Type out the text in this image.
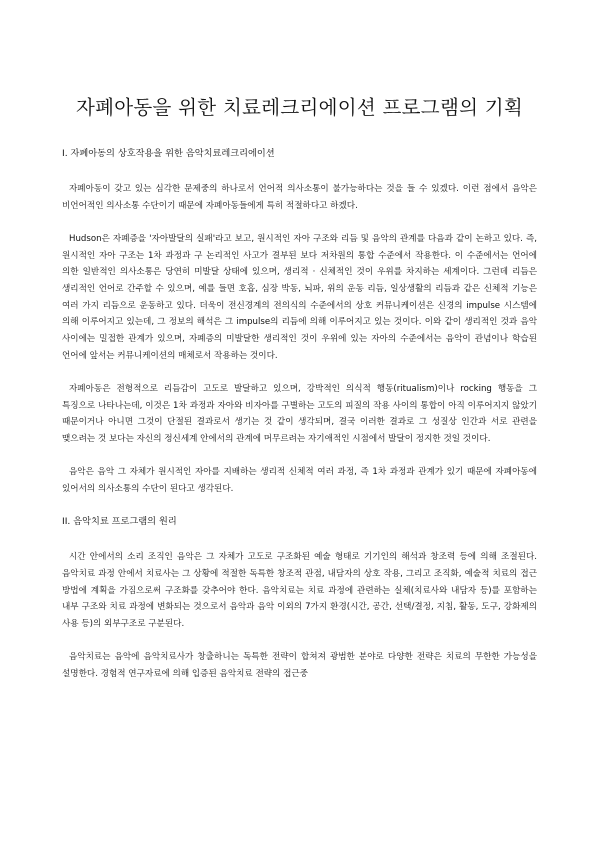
자폐아동을 위한 치료레크리에이션 프로그램의 기획
I. 자폐아동의 상호작용을 위한 음악치료레크리에이션

자폐아동이 갖고 있는 심각한 문제중의 하나로서 언어적 의사소통이 불가능하다는 것을 들 수 있겠다. 이런 점에서 음악은 비언어적인 의사소통 수단이기 때문에 자폐아동들에게 특히 적절하다고 하겠다.

Hudson은 자폐증을 '자아발달의 실패'라고 보고, 원시적인 자아 구조와 리듬 및 음악의 관계를 다음과 같이 논하고 있다. 즉, 원시적인 자아 구조는 1차 과정과 구 논리적인 사고가 결부된 보다 저차원의 통합 수준에서 작용한다. 이 수준에서는 언어에 의한 일반적인 의사소통은 당연히 미발달 상태에 있으며, 생리적 · 신체적인 것이 우위를 차지하는 세계이다. 그런데 리듬은 생리적인 언어로 간주할 수 있으며, 예를 들면 호흡, 심장 박동, 뇌파, 위의 운동 리듬, 일상생활의 리듬과 같은 신체적 기능은 여러 가지 리듬으로 운동하고 있다. 더욱이 전신경계의 전의식의 수준에서의 상호 커뮤니케이션은 신경의 impulse 시스템에 의해 이루어지고 있는데, 그 정보의 해석은 그 impulse의 리듬에 의해 이루어지고 있는 것이다. 이와 같이 생리적인 것과 음악 사이에는 밀접한 관계가 있으며, 자폐증의 미발달한 생리적인 것이 우위에 있는 자아의 수준에서는 음악이 관념이나 학습된 언어에 앞서는 커뮤니케이션의 매체로서 작용하는 것이다.

자폐아동은 전형적으로 리듬감이 고도로 발달하고 있으며, 강박적인 의식적 행동(ritualism)이나 rocking 행동을 그 특징으로 나타나는데, 이것은 1차 과정과 자아와 비자아를 구별하는 고도의 피질의 작용 사이의 통합이 아직 이루어지지 않았기 때문이거나 아니면 그것이 단절된 결과로서 생기는 것 같이 생각되며, 결국 이러한 결과로 그 성질상 인간과 서로 관련을 맺으려는 것 보다는 자신의 정신세계 안에서의 관계에 머무르려는 자기애적인 시점에서 발달이 정지한 것일 것이다.

음악은 음악 그 자체가 원시적인 자아를 지배하는 생리적 신체적 여러 과정, 즉 1차 과정과 관계가 있기 때문에 자폐아동에 있어서의 의사소통의 수단이 된다고 생각된다.

II. 음악치료 프로그램의 원리

시간 안에서의 소리 조직인 음악은 그 자체가 고도로 구조화된 예술 형태로 기기인의 해석과 창조력 등에 의해 조절된다. 음악치료 과정 안에서 치료사는 그 상황에 적절한 독특한 창조적 관점, 내담자의 상호 작용, 그리고 조직화, 예술적 치료의 접근 방법에 계획을 가짐으로써 구조화를 갖추어야 한다. 음악치료는 치료 과정에 관련하는 실체(치료사와 내담자 등)를 포함하는 내부 구조와 치료 과정에 변화되는 것으로서 음악과 음악 이외의 7가지 환경(시간, 공간, 선택/결정, 지침, 활동, 도구, 강화제의 사용 등)의 외부구조로 구분된다.

음악치료는 음악에 음악치료사가 창출하니는 독특한 전략이 합쳐져 광범한 분야로 다양한 전략은 치료의 무한한 가능성을 설명한다. 경험적 연구자료에 의해 입증된 음악치료 전략의 접근중
